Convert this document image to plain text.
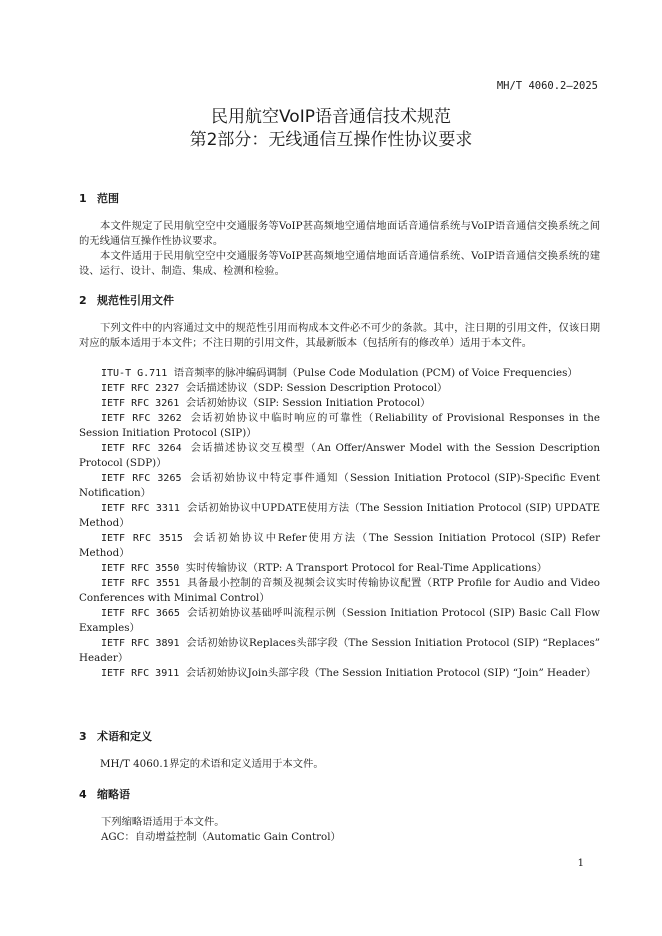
MH/T 4060.2—2025
民用航空VoIP语音通信技术规范
第2部分：无线通信互操作性协议要求
1 范围

本文件规定了民用航空空中交通服务等VoIP甚高频地空通信地面话音通信系统与VoIP语音通信交换系统之间的无线通信互操作性协议要求。

本文件适用于民用航空空中交通服务等VoIP甚高频地空通信地面话音通信系统、VoIP语音通信交换系统的建设、运行、设计、制造、集成、检测和检验。

2 规范性引用文件

下列文件中的内容通过文中的规范性引用而构成本文件必不可少的条款。其中，注日期的引用文件，仅该日期对应的版本适用于本文件；不注日期的引用文件，其最新版本（包括所有的修改单）适用于本文件。

ITU-T G.711 语音频率的脉冲编码调制（Pulse Code Modulation (PCM) of Voice Frequencies）

IETF RFC 2327 会话描述协议（SDP: Session Description Protocol）

IETF RFC 3261 会话初始协议（SIP: Session Initiation Protocol）

IETF RFC 3262 会话初始协议中临时响应的可靠性（Reliability of Provisional Responses in the Session Initiation Protocol (SIP)）

IETF RFC 3264 会话描述协议交互模型（An Offer/Answer Model with the Session Description Protocol (SDP)）

IETF RFC 3265 会话初始协议中特定事件通知（Session Initiation Protocol (SIP)-Specific Event Notification）

IETF RFC 3311 会话初始协议中UPDATE使用方法（The Session Initiation Protocol (SIP) UPDATE Method）

IETF RFC 3515 会话初始协议中Refer使用方法（The Session Initiation Protocol (SIP) Refer Method）

IETF RFC 3550 实时传输协议（RTP: A Transport Protocol for Real-Time Applications）

IETF RFC 3551 具备最小控制的音频及视频会议实时传输协议配置（RTP Profile for Audio and Video Conferences with Minimal Control）

IETF RFC 3665 会话初始协议基础呼叫流程示例（Session Initiation Protocol (SIP) Basic Call Flow Examples）

IETF RFC 3891 会话初始协议Replaces头部字段（The Session Initiation Protocol (SIP) “Replaces” Header）

IETF RFC 3911 会话初始协议Join头部字段（The Session Initiation Protocol (SIP) “Join” Header）

3 术语和定义

MH/T 4060.1界定的术语和定义适用于本文件。

4 缩略语

下列缩略语适用于本文件。

AGC：自动增益控制（Automatic Gain Control）

1
